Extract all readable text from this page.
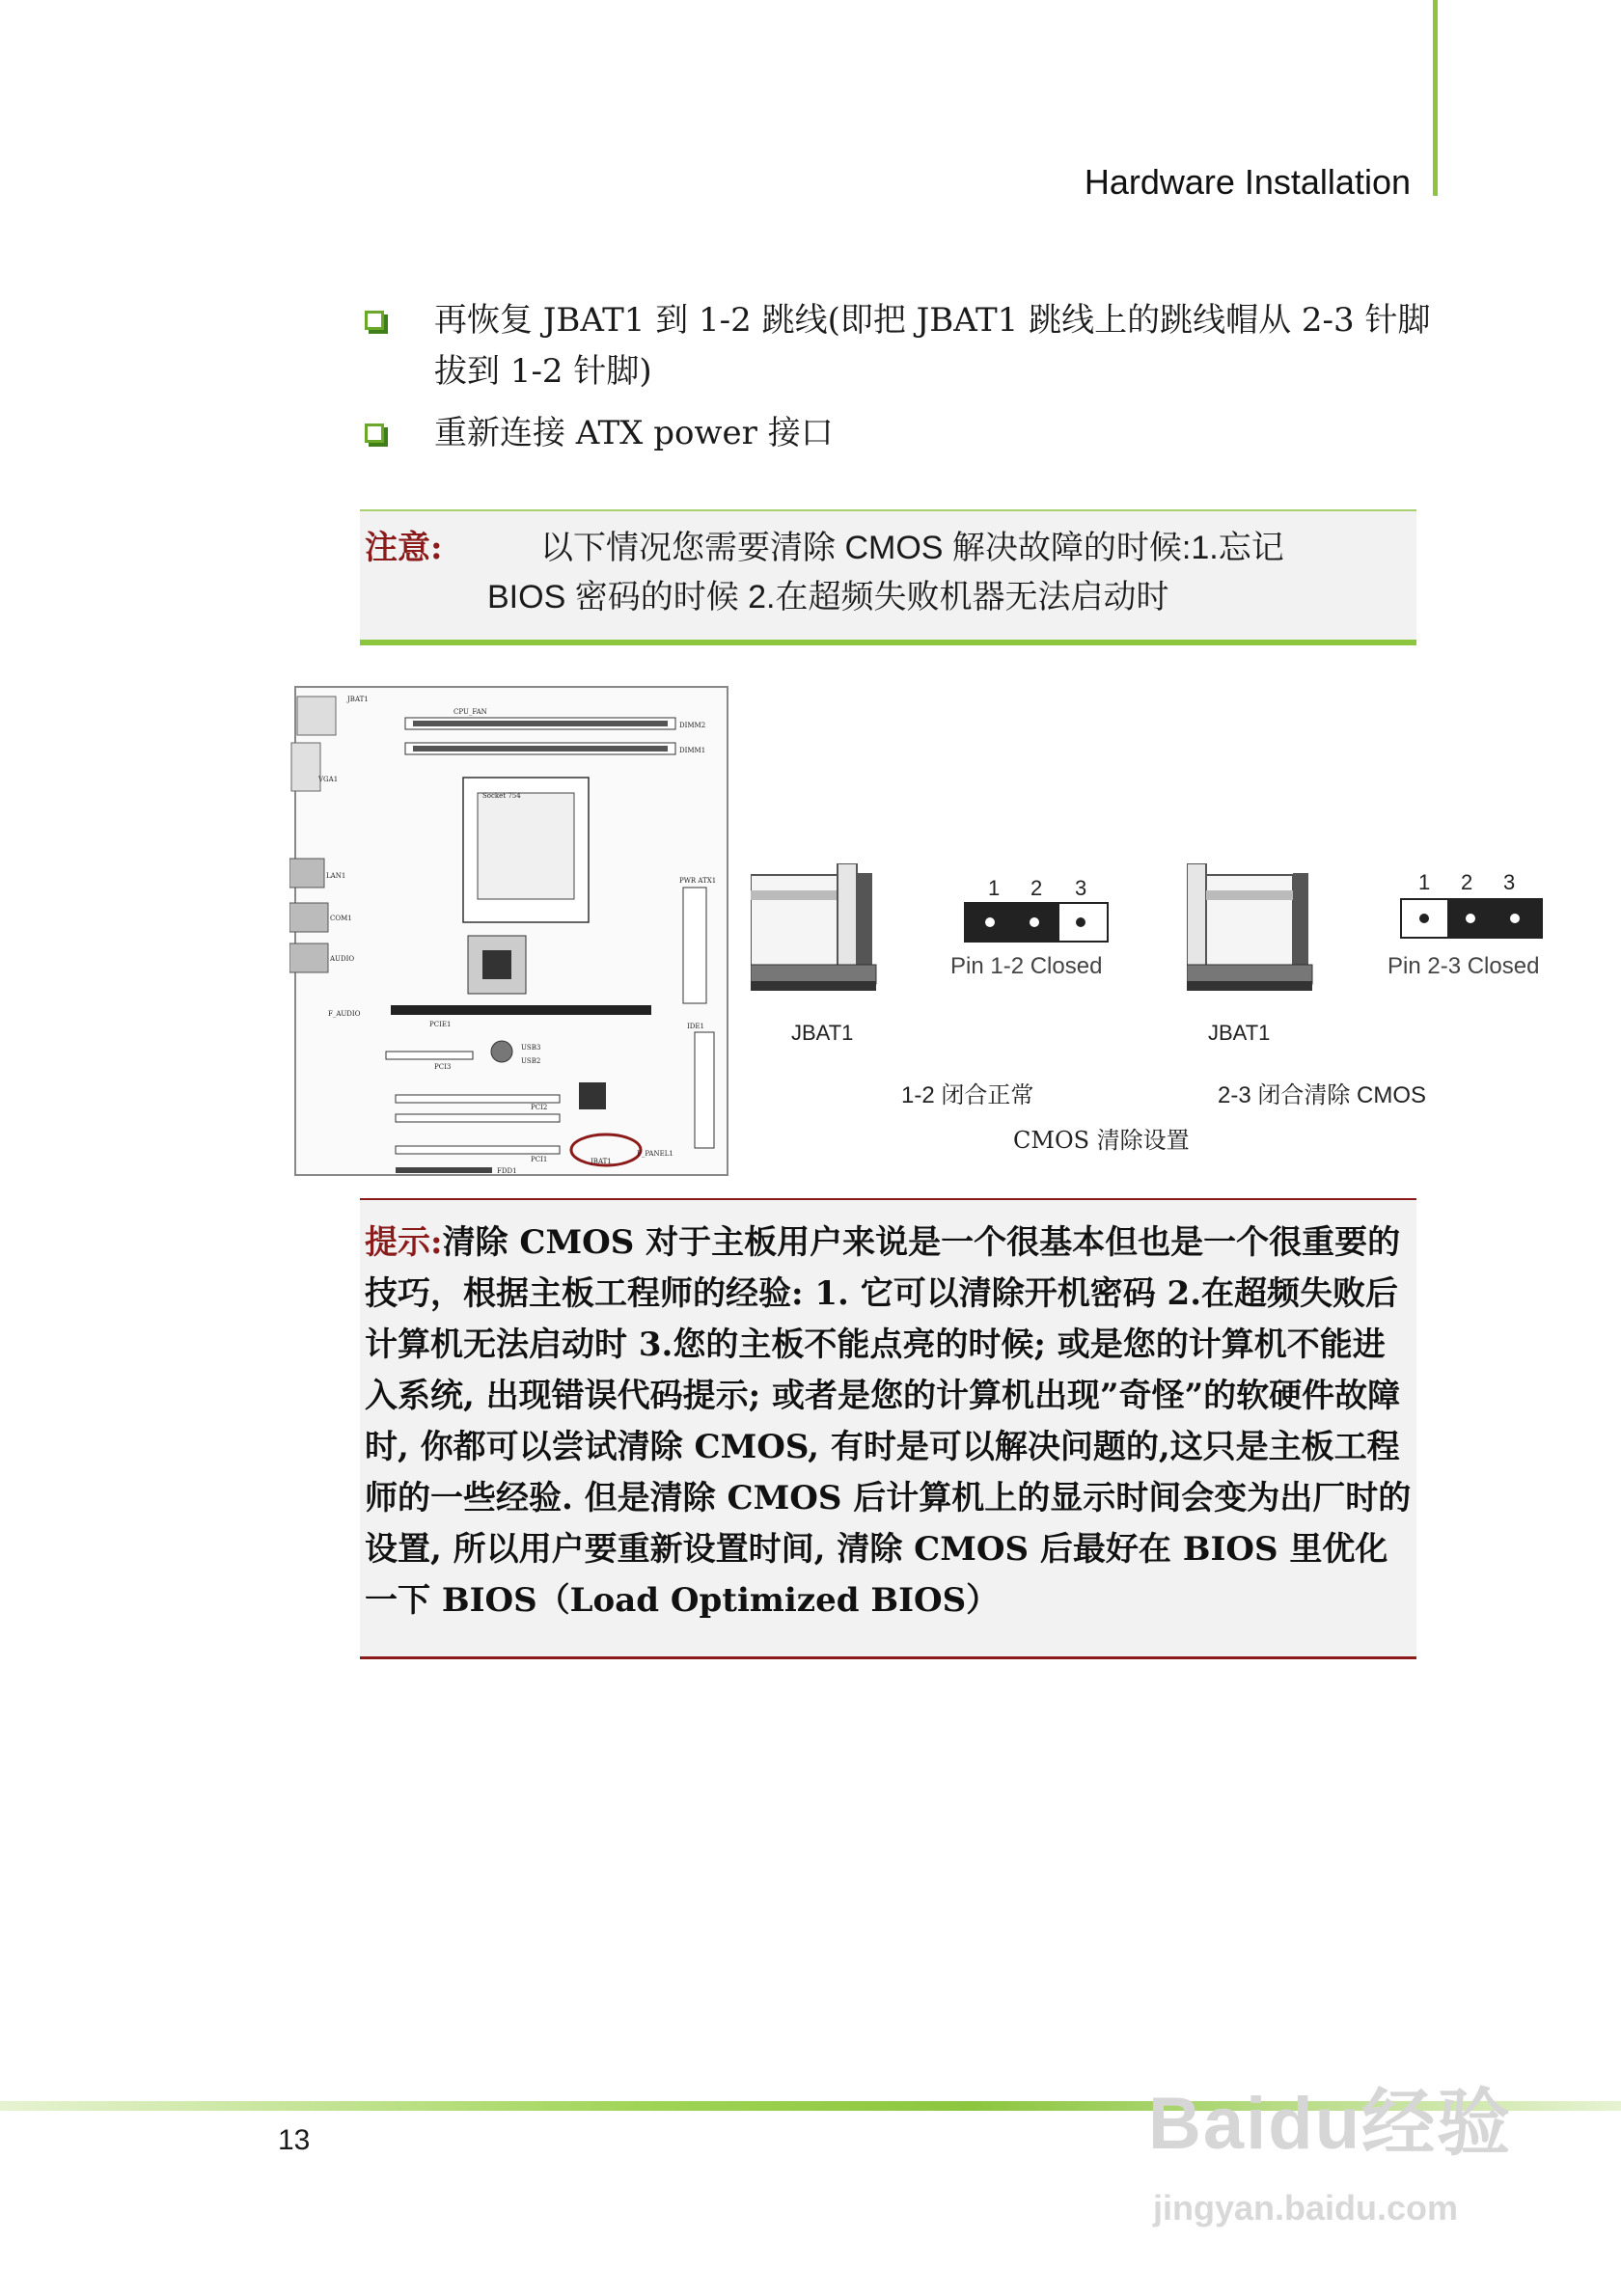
Hardware Installation
再恢复 JBAT1 到 1-2 跳线(即把 JBAT1 跳线上的跳线帽从 2-3 针脚
拔到 1-2 针脚)
重新连接 ATX power 接口
注意:	以下情况您需要清除 CMOS 解决故障的时候:1.忘记
BIOS 密码的时候 2.在超频失败机器无法启动时
JBAT1
CPU_FAN
DIMM2
DIMM1
VGA1
Socket 754
LAN1
COM1
AUDIO
PWR ATX1
PCIE1
PCI3
PCI2
PCI1
USB3
USB2
IDE1
FDD1
JBAT1
F_PANEL1
F_AUDIO
JBAT1
1 2 3
Pin 1-2 Closed
JBAT1
1 2 3
Pin 2-3 Closed
1-2 闭合正常	2-3 闭合清除 CMOS
CMOS 清除设置
提示:清除 CMOS 对于主板用户来说是一个很基本但也是一个很重要的技巧，根据主板工程师的经验: 1. 它可以清除开机密码 2.在超频失败后计算机无法启动时 3.您的主板不能点亮的时候; 或是您的计算机不能进入系统, 出现错误代码提示; 或者是您的计算机出现”奇怪”的软硬件故障时, 你都可以尝试清除 CMOS, 有时是可以解决问题的,这只是主板工程师的一些经验. 但是清除 CMOS 后计算机上的显示时间会变为出厂时的设置, 所以用户要重新设置时间, 清除 CMOS 后最好在 BIOS 里优化一下 BIOS（Load Optimized BIOS）
13	Baidu经验
jingyan.baidu.com
